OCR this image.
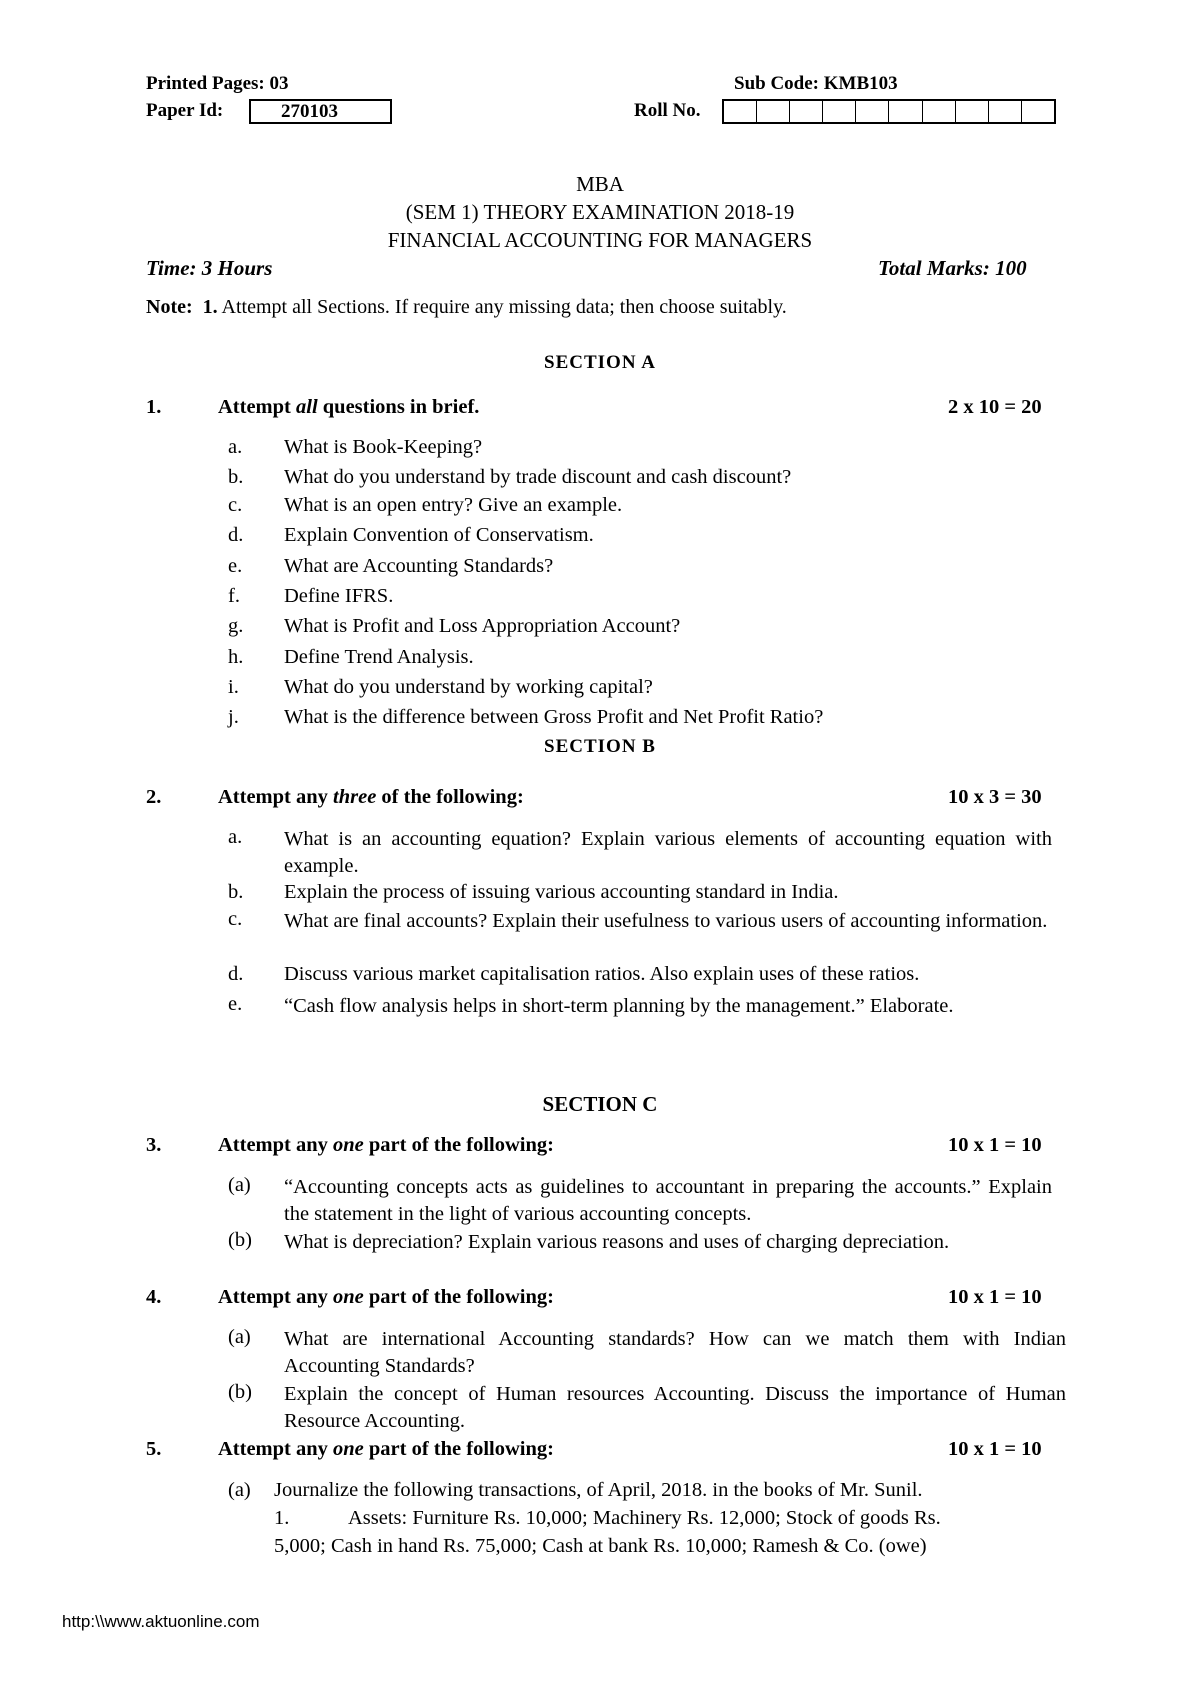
Printed Pages: 03	Sub Code: KMB103
Paper Id:	270103	Roll No.
MBA
(SEM 1) THEORY EXAMINATION 2018-19
FINANCIAL ACCOUNTING FOR MANAGERS
Time: 3 Hours	Total Marks: 100
Note: 1. Attempt all Sections. If require any missing data; then choose suitably.
SECTION A
1.	Attempt all questions in brief.	2 x 10 = 20
a. What is Book-Keeping?
b. What do you understand by trade discount and cash discount?
c. What is an open entry? Give an example.
d. Explain Convention of Conservatism.
e. What are Accounting Standards?
f. Define IFRS.
g. What is Profit and Loss Appropriation Account?
h. Define Trend Analysis.
i. What do you understand by working capital?
j. What is the difference between Gross Profit and Net Profit Ratio?
SECTION B
2.	Attempt any three of the following:	10 x 3 = 30
a. What is an accounting equation? Explain various elements of accounting equation with example.
b. Explain the process of issuing various accounting standard in India.
c. What are final accounts? Explain their usefulness to various users of accounting information.
d. Discuss various market capitalisation ratios. Also explain uses of these ratios.
e. “Cash flow analysis helps in short-term planning by the management.” Elaborate.
SECTION C
3.	Attempt any one part of the following:	10 x 1 = 10
(a) “Accounting concepts acts as guidelines to accountant in preparing the accounts.” Explain the statement in the light of various accounting concepts.
(b) What is depreciation? Explain various reasons and uses of charging depreciation.
4.	Attempt any one part of the following:	10 x 1 = 10
(a) What are international Accounting standards? How can we match them with Indian Accounting Standards?
(b) Explain the concept of Human resources Accounting. Discuss the importance of Human Resource Accounting.
5.	Attempt any one part of the following:	10 x 1 = 10
(a) Journalize the following transactions, of April, 2018. in the books of Mr. Sunil.
1.	Assets: Furniture Rs. 10,000; Machinery Rs. 12,000; Stock of goods Rs.
5,000; Cash in hand Rs. 75,000; Cash at bank Rs. 10,000; Ramesh & Co. (owe)
http:\\www.aktuonline.com
